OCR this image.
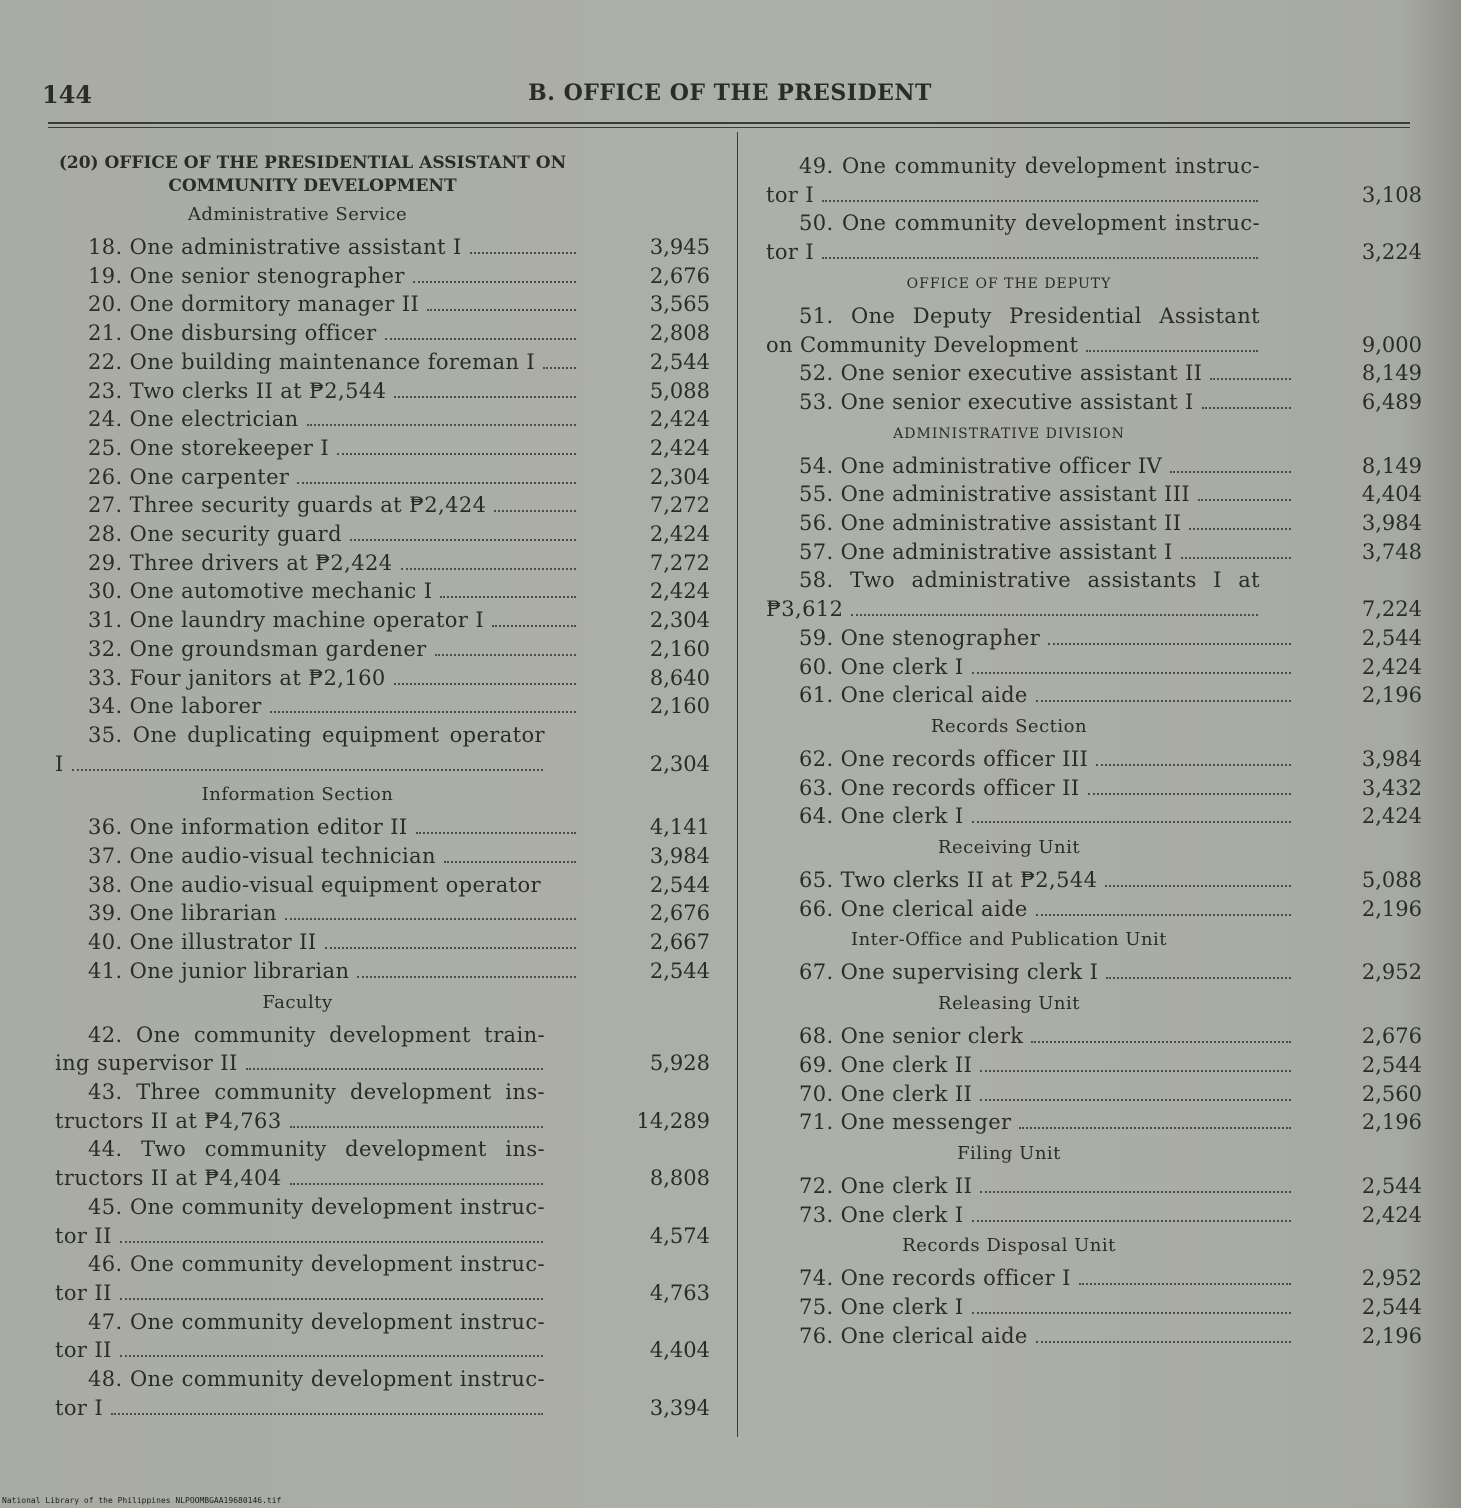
144	B. OFFICE OF THE PRESIDENT
(20) OFFICE OF THE PRESIDENTIAL ASSISTANT ON
COMMUNITY DEVELOPMENT
Administrative Service
18. One administrative assistant I	3,945
19. One senior stenographer	2,676
20. One dormitory manager II	3,565
21. One disbursing officer	2,808
22. One building maintenance foreman I	2,544
23. Two clerks II at ₱2,544	5,088
24. One electrician	2,424
25. One storekeeper I	2,424
26. One carpenter	2,304
27. Three security guards at ₱2,424	7,272
28. One security guard	2,424
29. Three drivers at ₱2,424	7,272
30. One automotive mechanic I	2,424
31. One laundry machine operator I	2,304
32. One groundsman gardener	2,160
33. Four janitors at ₱2,160	8,640
34. One laborer	2,160
35. One duplicating equipment operator
I	2,304
Information Section
36. One information editor II	4,141
37. One audio-visual technician	3,984
38. One audio-visual equipment operator	2,544
39. One librarian	2,676
40. One illustrator II	2,667
41. One junior librarian	2,544
Faculty
42. One community development train-
ing supervisor II	5,928
43. Three community development ins-
tructors II at ₱4,763	14,289
44. Two community development ins-
tructors II at ₱4,404	8,808
45. One community development instruc-
tor II	4,574
46. One community development instruc-
tor II	4,763
47. One community development instruc-
tor II	4,404
48. One community development instruc-
tor I	3,394
49. One community development instruc-
tor I	3,108
50. One community development instruc-
tor I	3,224
OFFICE OF THE DEPUTY
51. One Deputy Presidential Assistant
on Community Development	9,000
52. One senior executive assistant II	8,149
53. One senior executive assistant I	6,489
ADMINISTRATIVE DIVISION
54. One administrative officer IV	8,149
55. One administrative assistant III	4,404
56. One administrative assistant II	3,984
57. One administrative assistant I	3,748
58. Two administrative assistants I at
₱3,612	7,224
59. One stenographer	2,544
60. One clerk I	2,424
61. One clerical aide	2,196
Records Section
62. One records officer III	3,984
63. One records officer II	3,432
64. One clerk I	2,424
Receiving Unit
65. Two clerks II at ₱2,544	5,088
66. One clerical aide	2,196
Inter-Office and Publication Unit
67. One supervising clerk I	2,952
Releasing Unit
68. One senior clerk	2,676
69. One clerk II	2,544
70. One clerk II	2,560
71. One messenger	2,196
Filing Unit
72. One clerk II	2,544
73. One clerk I	2,424
Records Disposal Unit
74. One records officer I	2,952
75. One clerk I	2,544
76. One clerical aide	2,196
National Library of the Philippines NLPOOMBGAA19680146.tif
